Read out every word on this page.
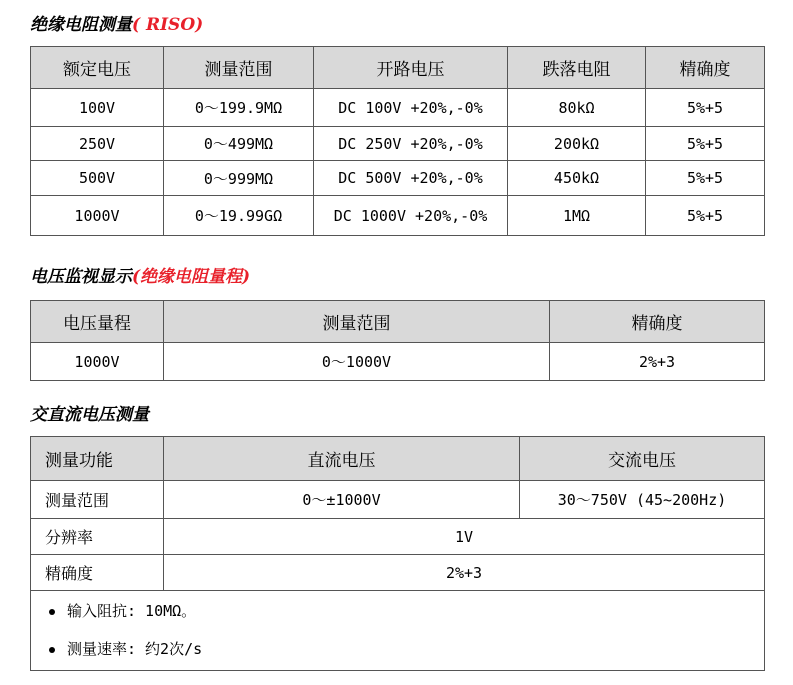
绝缘电阻测量( RISO)
额定电压	测量范围	开路电压	跌落电阻	精确度
100V	0～199.9MΩ	DC 100V +20%,-0%	80kΩ	5%+5
250V	0～499MΩ	DC 250V +20%,-0%	200kΩ	5%+5
500V	0～999MΩ	DC 500V +20%,-0%	450kΩ	5%+5
1000V	0～19.99GΩ	DC 1000V +20%,-0%	1MΩ	5%+5
电压监视显示(绝缘电阻量程)
电压量程	测量范围	精确度
1000V	0～1000V	2%+3
交直流电压测量
测量功能	直流电压	交流电压
测量范围	0～±1000V	30～750V (45~200Hz)
分辨率	1V	
精确度	2%+3	
输入阻抗: 10MΩ。
测量速率: 约2次/s
